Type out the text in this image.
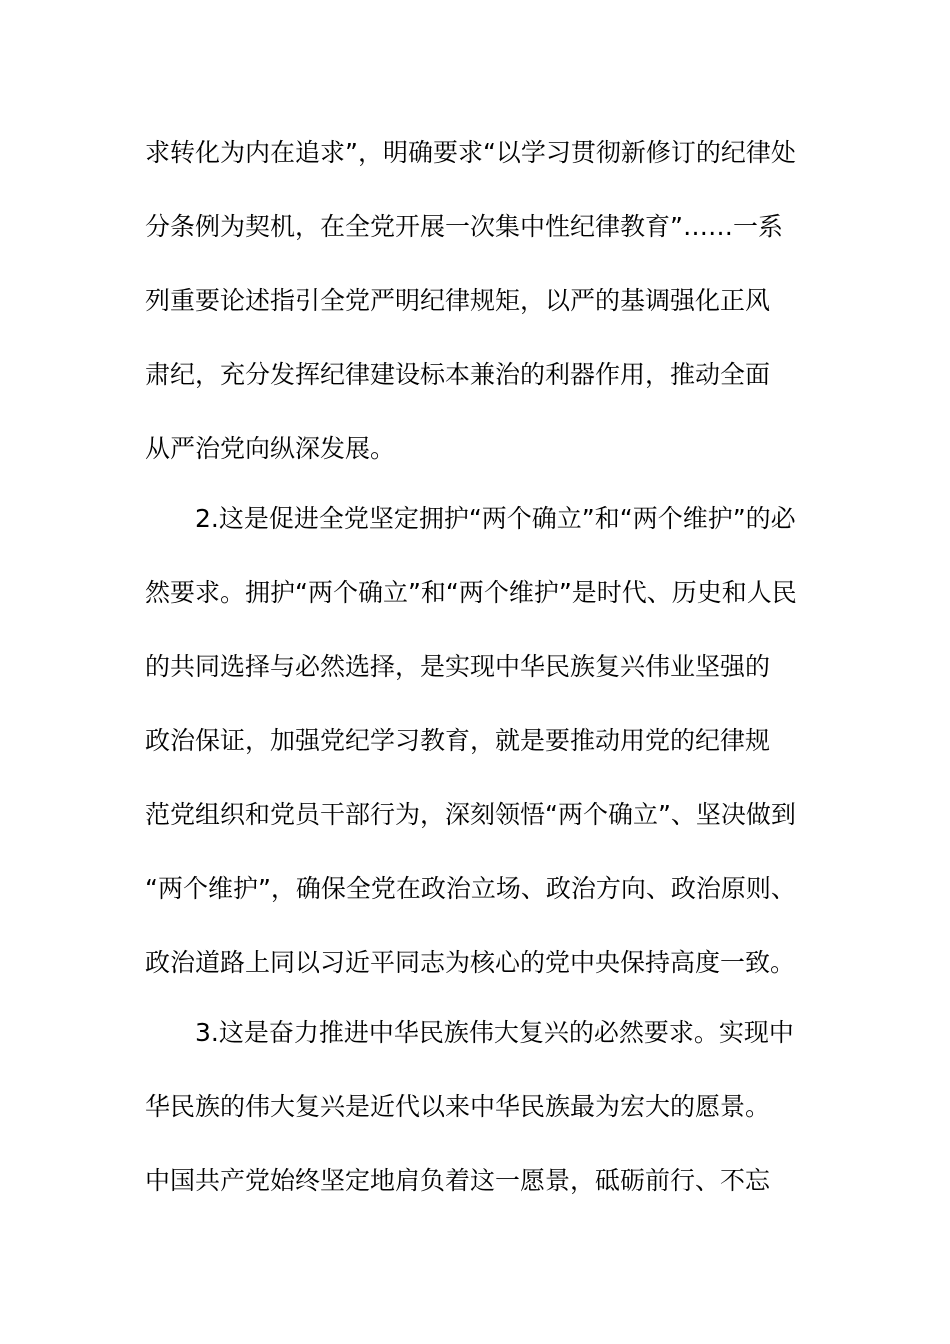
求转化为内在追求”，明确要求“以学习贯彻新修订的纪律处
分条例为契机，在全党开展一次集中性纪律教育”……一系
列重要论述指引全党严明纪律规矩，以严的基调强化正风
肃纪，充分发挥纪律建设标本兼治的利器作用，推动全面
从严治党向纵深发展。
2.这是促进全党坚定拥护“两个确立”和“两个维护”的必
然要求。拥护“两个确立”和“两个维护”是时代、历史和人民
的共同选择与必然选择，是实现中华民族复兴伟业坚强的
政治保证，加强党纪学习教育，就是要推动用党的纪律规
范党组织和党员干部行为，深刻领悟“两个确立”、坚决做到
“两个维护”，确保全党在政治立场、政治方向、政治原则、
政治道路上同以习近平同志为核心的党中央保持高度一致。
3.这是奋力推进中华民族伟大复兴的必然要求。实现中
华民族的伟大复兴是近代以来中华民族最为宏大的愿景。
中国共产党始终坚定地肩负着这一愿景，砥砺前行、不忘
